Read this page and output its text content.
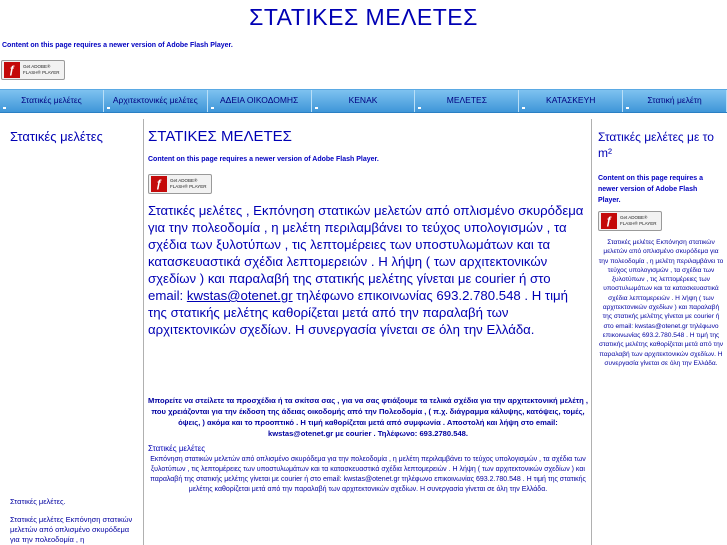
ΣΤΑΤΙΚΕΣ ΜΕΛΕΤΕΣ
Content on this page requires a newer version of Adobe Flash Player.
ƒ	Get ADOBE®
FLASH® PLAYER
Στατικές μελέτες	Αρχιτεκτονικές μελέτες	ΑΔΕΙΑ ΟΙΚΟΔΟΜΗΣ	ΚΕΝΑΚ	ΜΕΛΕΤΕΣ	ΚΑΤΑΣΚΕΥΗ	Στατική μελέτη
Στατικές μελέτες
Στατικές μελέτες.
Στατικές μελέτες Εκπόνηση στατικών μελετών από οπλισμένο σκυρόδεμα για την πολεοδομία , η
ΣΤΑΤΙΚΕΣ ΜΕΛΕΤΕΣ
Content on this page requires a newer version of Adobe Flash Player.
ƒ	Get ADOBE®
FLASH® PLAYER
Στατικές μελέτες , Εκπόνηση στατικών μελετών από οπλισμένο σκυρόδεμα για την πολεοδομία , η μελέτη περιλαμβάνει το τεύχος υπολογισμών , τα σχέδια των ξυλοτύπων , τις λεπτομέρειες των υποστυλωμάτων και τα κατασκευαστικά σχέδια λεπτομερειών . Η λήψη ( των αρχιτεκτονικών σχεδίων ) και παραλαβή της στατικής μελέτης γίνεται με courier ή στο email: kwstas@otenet.gr τηλέφωνο επικοινωνίας 693.2.780.548 . Η τιμή της στατικής μελέτης καθορίζεται μετά από την παραλαβή των αρχιτεκτονικών σχεδίων. Η συνεργασία γίνεται σε όλη την Ελλάδα.
Μπορείτε να στείλετε τα προσχέδια ή τα σκίτσα σας , για να σας φτιάξουμε τα τελικά σχέδια για την αρχιτεκτονική μελέτη , που χρειάζονται για την έκδοση της άδειας οικοδομής από την Πολεοδομία , ( π.χ. διάγραμμα κάλυψης, κατόψεις, τομές, όψεις, ) ακόμα και το προοπτικό . Η τιμή καθορίζεται μετά από συμφωνία . Αποστολή και λήψη στο email: kwstas@otenet.gr με courier . Τηλέφωνο: 693.2780.548.
Στατικές μελέτες
Εκπόνηση στατικών μελετών από οπλισμένο σκυρόδεμα για την πολεοδομία , η μελέτη περιλαμβάνει το τεύχος υπολογισμών , τα σχέδια των ξυλοτύπων , τις λεπτομέρειες των υποστυλωμάτων και τα κατασκευαστικά σχέδια λεπτομερειών . Η λήψη ( των αρχιτεκτονικών σχεδίων ) και παραλαβή της στατικής μελέτης γίνεται με courier ή στο email: kwstas@otenet.gr τηλέφωνο επικοινωνίας 693.2.780.548 . Η τιμή της στατικής μελέτης καθορίζεται μετά από την παραλαβή των αρχιτεκτονικών σχεδίων. Η συνεργασία γίνεται σε όλη την Ελλάδα.
Στατικές μελέτες με το m²
Content on this page requires a newer version of Adobe Flash Player.
ƒ	Get ADOBE®
FLASH® PLAYER
Στατικές μελέτες Εκπόνηση στατικών μελετών από οπλισμένο σκυρόδεμα για την πολεοδομία , η μελέτη περιλαμβάνει το τεύχος υπολογισμών , τα σχέδια των ξυλοτύπων , τις λεπτομέρειες των υποστυλωμάτων και τα κατασκευαστικά σχέδια λεπτομερειών . Η λήψη ( των αρχιτεκτονικών σχεδίων ) και παραλαβή της στατικής μελέτης γίνεται με courier ή στο email: kwstas@otenet.gr τηλέφωνο επικοινωνίας 693.2.780.548 . Η τιμή της στατικής μελέτης καθορίζεται μετά από την παραλαβή των αρχιτεκτονικών σχεδίων. Η συνεργασία γίνεται σε όλη την Ελλάδα.
